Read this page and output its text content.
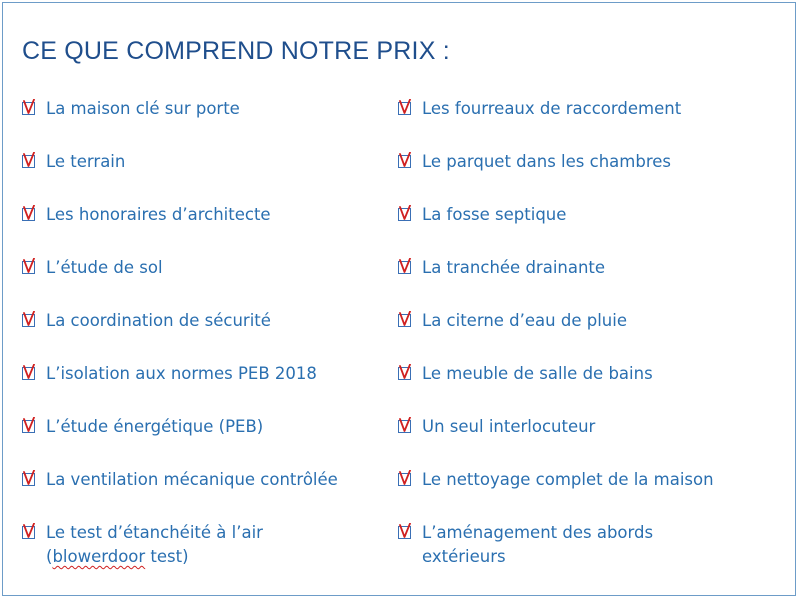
CE QUE COMPREND NOTRE PRIX :
La maison clé sur porte
Le terrain
Les honoraires d’architecte
L’étude de sol
La coordination de sécurité
L’isolation aux normes PEB 2018
L’étude énergétique (PEB)
La ventilation mécanique contrôlée
Le test d’étanchéité à l’air
(blowerdoor test)
Les fourreaux de raccordement
Le parquet dans les chambres
La fosse septique
La tranchée drainante
La citerne d’eau de pluie
Le meuble de salle de bains
Un seul interlocuteur
Le nettoyage complet de la maison
L’aménagement des abords
extérieurs
